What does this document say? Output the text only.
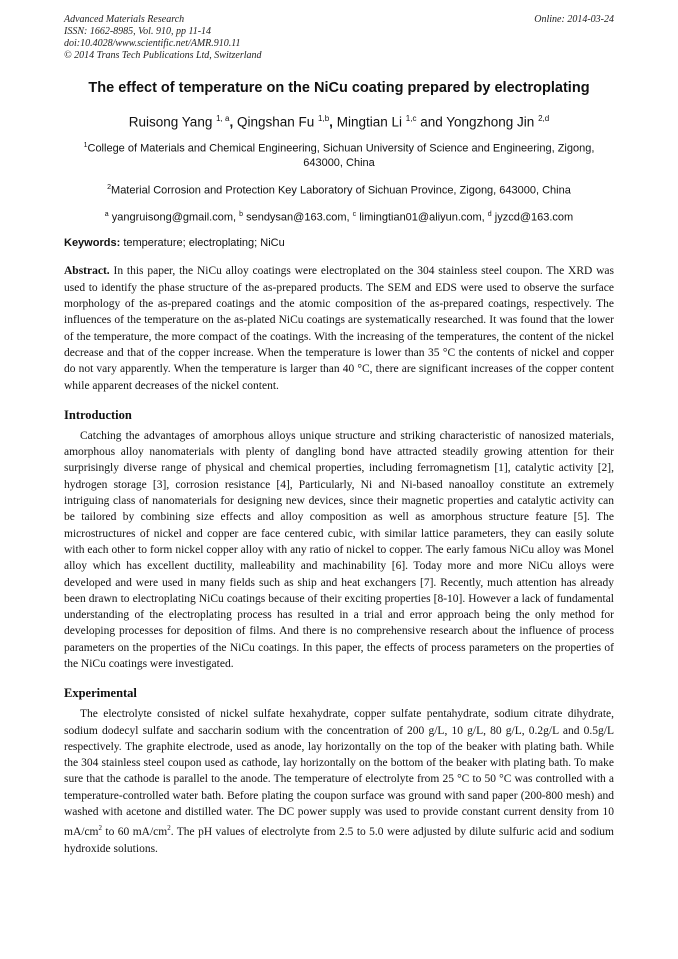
Advanced Materials Research
ISSN: 1662-8985, Vol. 910, pp 11-14
doi:10.4028/www.scientific.net/AMR.910.11
© 2014 Trans Tech Publications Ltd, Switzerland
Online: 2014-03-24
The effect of temperature on the NiCu coating prepared by electroplating
Ruisong Yang $^{1, a}$, Qingshan Fu $^{1,b}$, Mingtian Li $^{1,c}$ and Yongzhong Jin $^{2,d}$
$^1$College of Materials and Chemical Engineering, Sichuan University of Science and Engineering, Zigong, 643000, China
$^2$Material Corrosion and Protection Key Laboratory of Sichuan Province, Zigong, 643000, China
$^a$ yangruisong@gmail.com, $^b$ sendysan@163.com, $^c$ limingtian01@aliyun.com, $^d$ jyzcd@163.com
Keywords: temperature; electroplating; NiCu
Abstract. In this paper, the NiCu alloy coatings were electroplated on the 304 stainless steel coupon. The XRD was used to identify the phase structure of the as-prepared products. The SEM and EDS were used to observe the surface morphology of the as-prepared coatings and the atomic composition of the as-prepared coatings, respectively. The influences of the temperature on the as-plated NiCu coatings are systematically researched. It was found that the lower of the temperature, the more compact of the coatings. With the increasing of the temperatures, the content of the nickel decrease and that of the copper increase. When the temperature is lower than 35 °C the contents of nickel and copper do not vary apparently. When the temperature is larger than 40 °C, there are significant increases of the copper content while apparent decreases of the nickel content.
Introduction

Catching the advantages of amorphous alloys unique structure and striking characteristic of nanosized materials, amorphous alloy nanomaterials with plenty of dangling bond have attracted steadily growing attention for their surprisingly diverse range of physical and chemical properties, including ferromagnetism [1], catalytic activity [2], hydrogen storage [3], corrosion resistance [4], Particularly, Ni and Ni-based nanoalloy constitute an extremely intriguing class of nanomaterials for designing new devices, since their magnetic properties and catalytic activity can be tailored by combining size effects and alloy composition as well as amorphous structure feature [5]. The microstructures of nickel and copper are face centered cubic, with similar lattice parameters, they can easily solute with each other to form nickel copper alloy with any ratio of nickel to copper. The early famous NiCu alloy was Monel alloy which has excellent ductility, malleability and machinability [6]. Today more and more NiCu alloys were developed and were used in many fields such as ship and heat exchangers [7]. Recently, much attention has already been drawn to electroplating NiCu coatings because of their exciting properties [8-10]. However a lack of fundamental understanding of the electroplating process has resulted in a trial and error approach being the only method for developing processes for deposition of films. And there is no comprehensive research about the influence of process parameters on the properties of the NiCu coatings. In this paper, the effects of process parameters on the properties of the NiCu coatings were investigated.

Experimental

The electrolyte consisted of nickel sulfate hexahydrate, copper sulfate pentahydrate, sodium citrate dihydrate, sodium dodecyl sulfate and saccharin sodium with the concentration of 200 g/L, 10 g/L, 80 g/L, 0.2g/L and 0.5g/L respectively. The graphite electrode, used as anode, lay horizontally on the top of the beaker with plating bath. While the 304 stainless steel coupon used as cathode, lay horizontally on the bottom of the beaker with plating bath. To make sure that the cathode is parallel to the anode. The temperature of electrolyte from 25 °C to 50 °C was controlled with a temperature-controlled water bath. Before plating the coupon surface was ground with sand paper (200-800 mesh) and washed with acetone and distilled water. The DC power supply was used to provide constant current density from 10 $mA/cm^2$ to 60 $mA/cm^2$. The pH values of electrolyte from 2.5 to 5.0 were adjusted by dilute sulfuric acid and sodium hydroxide solutions.
